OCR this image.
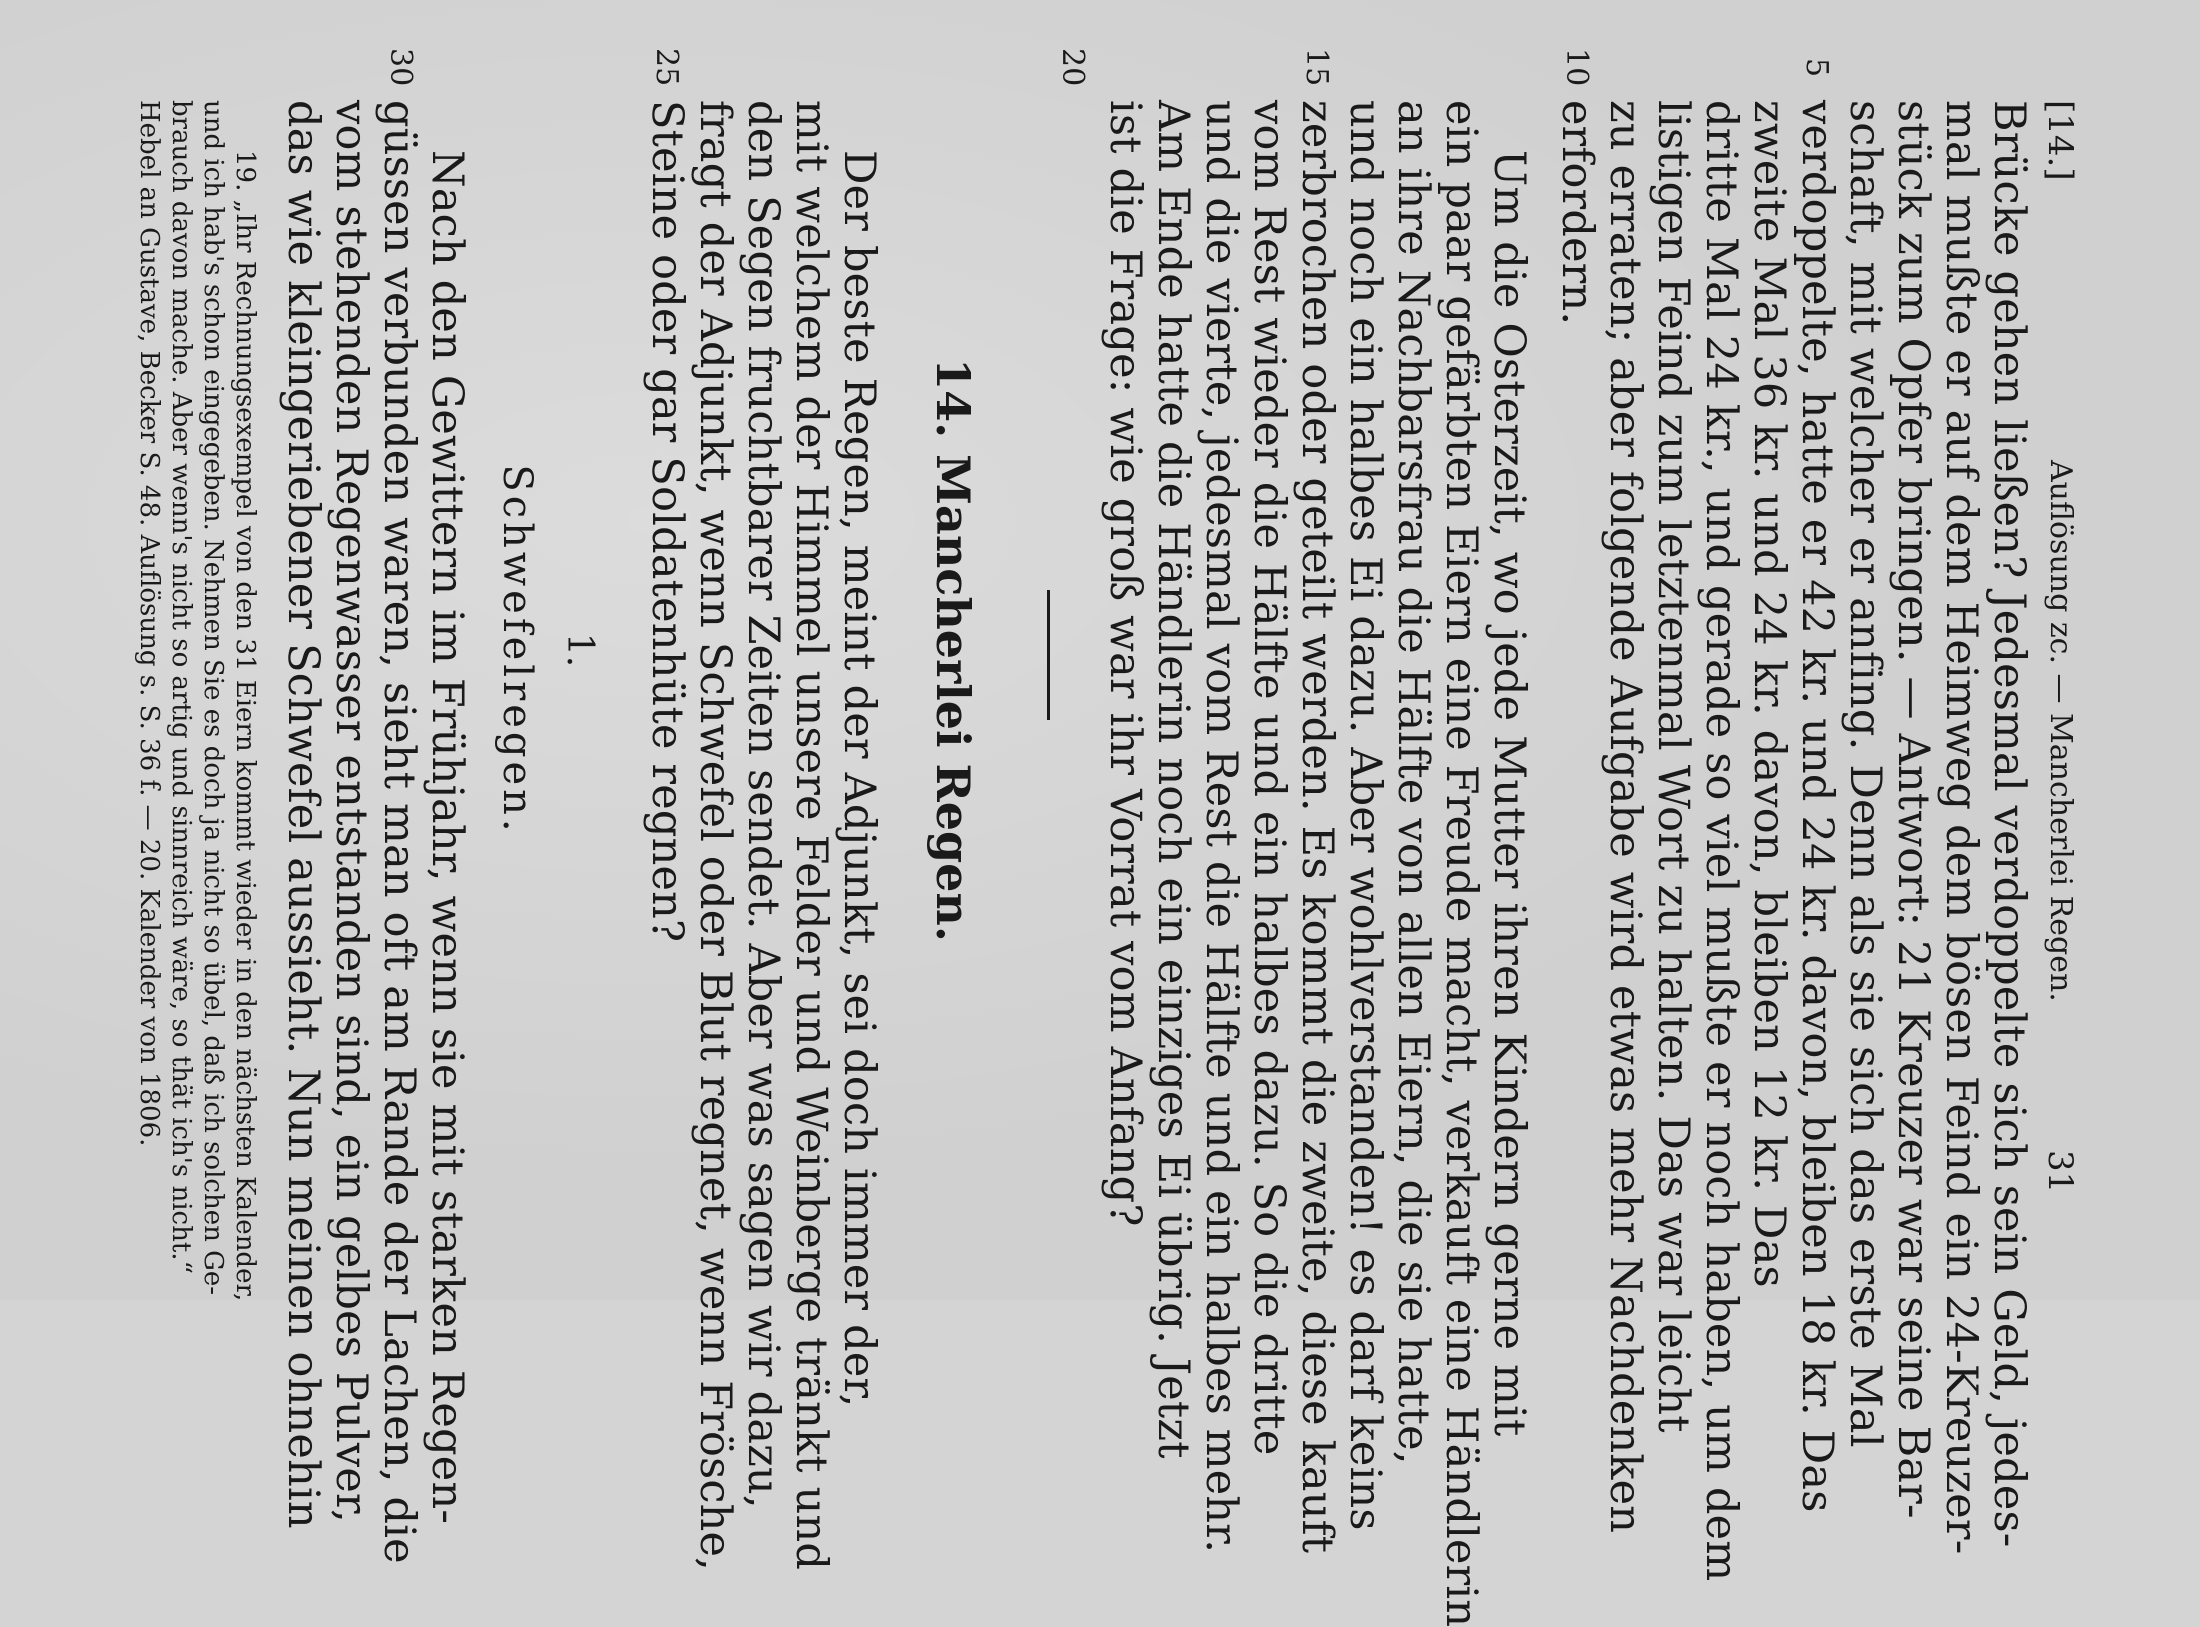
[14.]
Auflösung zc. — Mancherlei Regen.
31
Brücke gehen ließen? Jedesmal verdoppelte sich sein Geld, jedes-
mal mußte er auf dem Heimweg dem bösen Feind ein 24-Kreuzer-
stück zum Opfer bringen. — Antwort: 21 Kreuzer war seine Bar-
schaft, mit welcher er anfing. Denn als sie sich das erste Mal
verdoppelte, hatte er 42 kr. und 24 kr. davon, bleiben 18 kr. Das
zweite Mal 36 kr. und 24 kr. davon, bleiben 12 kr. Das
dritte Mal 24 kr., und gerade so viel mußte er noch haben, um dem
listigen Feind zum letztenmal Wort zu halten. Das war leicht
zu erraten; aber folgende Aufgabe wird etwas mehr Nachdenken
erfordern.
Um die Osterzeit, wo jede Mutter ihren Kindern gerne mit
ein paar gefärbten Eiern eine Freude macht, verkauft eine Händlerin
an ihre Nachbarsfrau die Hälfte von allen Eiern, die sie hatte,
und noch ein halbes Ei dazu. Aber wohlverstanden! es darf keins
zerbrochen oder geteilt werden. Es kommt die zweite, diese kauft
vom Rest wieder die Hälfte und ein halbes dazu. So die dritte
und die vierte, jedesmal vom Rest die Hälfte und ein halbes mehr.
Am Ende hatte die Händlerin noch ein einziges Ei übrig. Jetzt
ist die Frage: wie groß war ihr Vorrat vom Anfang?
14. Mancherlei Regen.
Der beste Regen, meint der Adjunkt, sei doch immer der,
mit welchem der Himmel unsere Felder und Weinberge tränkt und
den Segen fruchtbarer Zeiten sendet. Aber was sagen wir dazu,
fragt der Adjunkt, wenn Schwefel oder Blut regnet, wenn Frösche,
Steine oder gar Soldatenhüte regnen?
1.
Schwefelregen.
Nach den Gewittern im Frühjahr, wenn sie mit starken Regen-
güssen verbunden waren, sieht man oft am Rande der Lachen, die
vom stehenden Regenwasser entstanden sind, ein gelbes Pulver,
das wie kleingeriebener Schwefel aussieht. Nun meinen ohnehin
5
10
15
20
25
30
19. „Ihr Rechnungsexempel von den 31 Eiern kommt wieder in den nächsten Kalender,
und ich hab's schon eingegeben. Nehmen Sie es doch ja nicht so übel, daß ich solchen Ge-
brauch davon mache. Aber wenn's nicht so artig und sinnreich wäre, so thät ich's nicht.“
Hebel an Gustave, Becker S. 48. Auflösung s. S. 36 f. — 20. Kalender von 1806.
